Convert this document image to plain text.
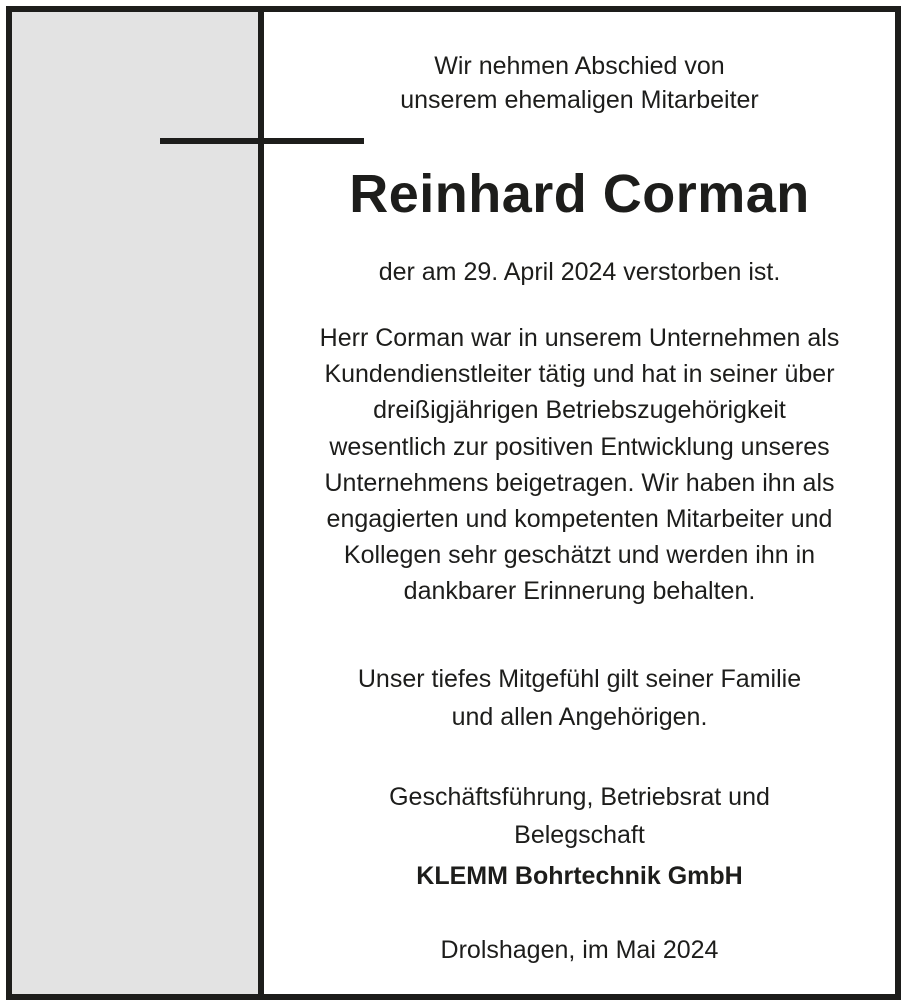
Wir nehmen Abschied von
unserem ehemaligen Mitarbeiter
Reinhard Corman
der am 29. April 2024 verstorben ist.
Herr Corman war in unserem Unternehmen als
Kundendienstleiter tätig und hat in seiner über
dreißigjährigen Betriebszugehörigkeit
wesentlich zur positiven Entwicklung unseres
Unternehmens beigetragen. Wir haben ihn als
engagierten und kompetenten Mitarbeiter und
Kollegen sehr geschätzt und werden ihn in
dankbarer Erinnerung behalten.
Unser tiefes Mitgefühl gilt seiner Familie
und allen Angehörigen.
Geschäftsführung, Betriebsrat und
Belegschaft
KLEMM Bohrtechnik GmbH
Drolshagen, im Mai 2024
